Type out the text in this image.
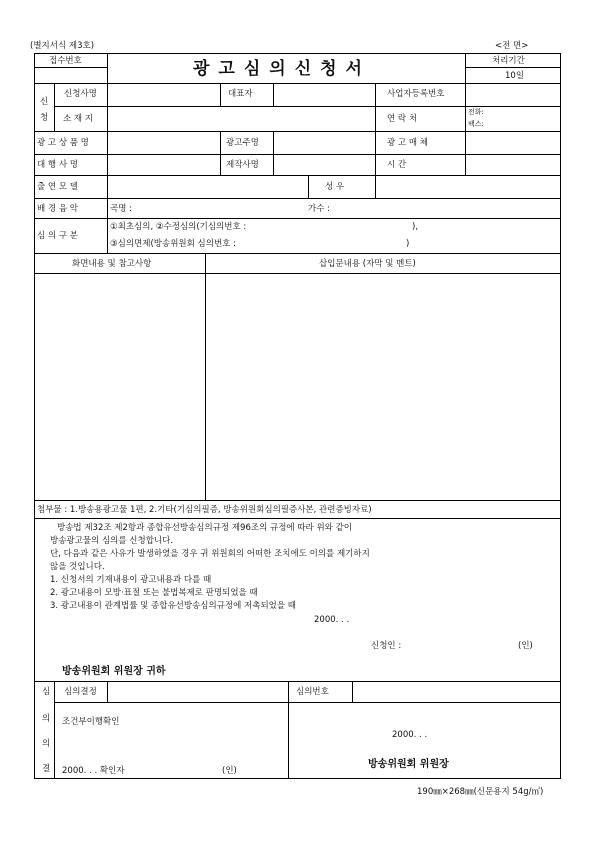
(별지서식 제3호)	<전 면>
접수번호	광고심의신청서	처리기간
10일
신
청
신청사명	대표자	사업자등록번호
소 재 지	연 락 처
전화:
팩스:
광 고 상 품 명	광고주명	광 고 매 체
대 행 사 명	제작사명	시 간
출 연 모 델	성 우
배 경 음 악	곡명 :	가수 :
심 의 구 분
①최초심의, ②수정심의(기심의번호 :	),
③심의면제(방송위원회 심의번호 :	)
화면내용 및 참고사항	삽입문내용 (자막 및 멘트)
첨부물 : 1.방송용광고물 1편, 2.기타(기심의필증, 방송위원회심의필증사본, 관련증빙자료)
방송법 제32조 제2항과 종합유선방송심의규정 제96조의 규정에 따라 위와 같이
방송광고물의 심의를 신청합니다.
단, 다음과 같은 사유가 발생하였을 경우 귀 위원회의 어떠한 조치에도 이의를 제기하지
않을 것입니다.
1. 신청서의 기재내용이 광고내용과 다를 때
2. 광고내용이 모방·표절 또는 불법복제로 판명되었을 때
3. 광고내용이 관계법률 및 종합유선방송심의규정에 저촉되었을 때
2000. . .
신청인 :	(인)
방송위원회 위원장 귀하
심
의
의
결
심의결정	심의번호
조건부이행확인
2000. . .
2000. . . 확인자	(인)
방송위원회 위원장
190㎜×268㎜(신문용지 54g/㎡)
